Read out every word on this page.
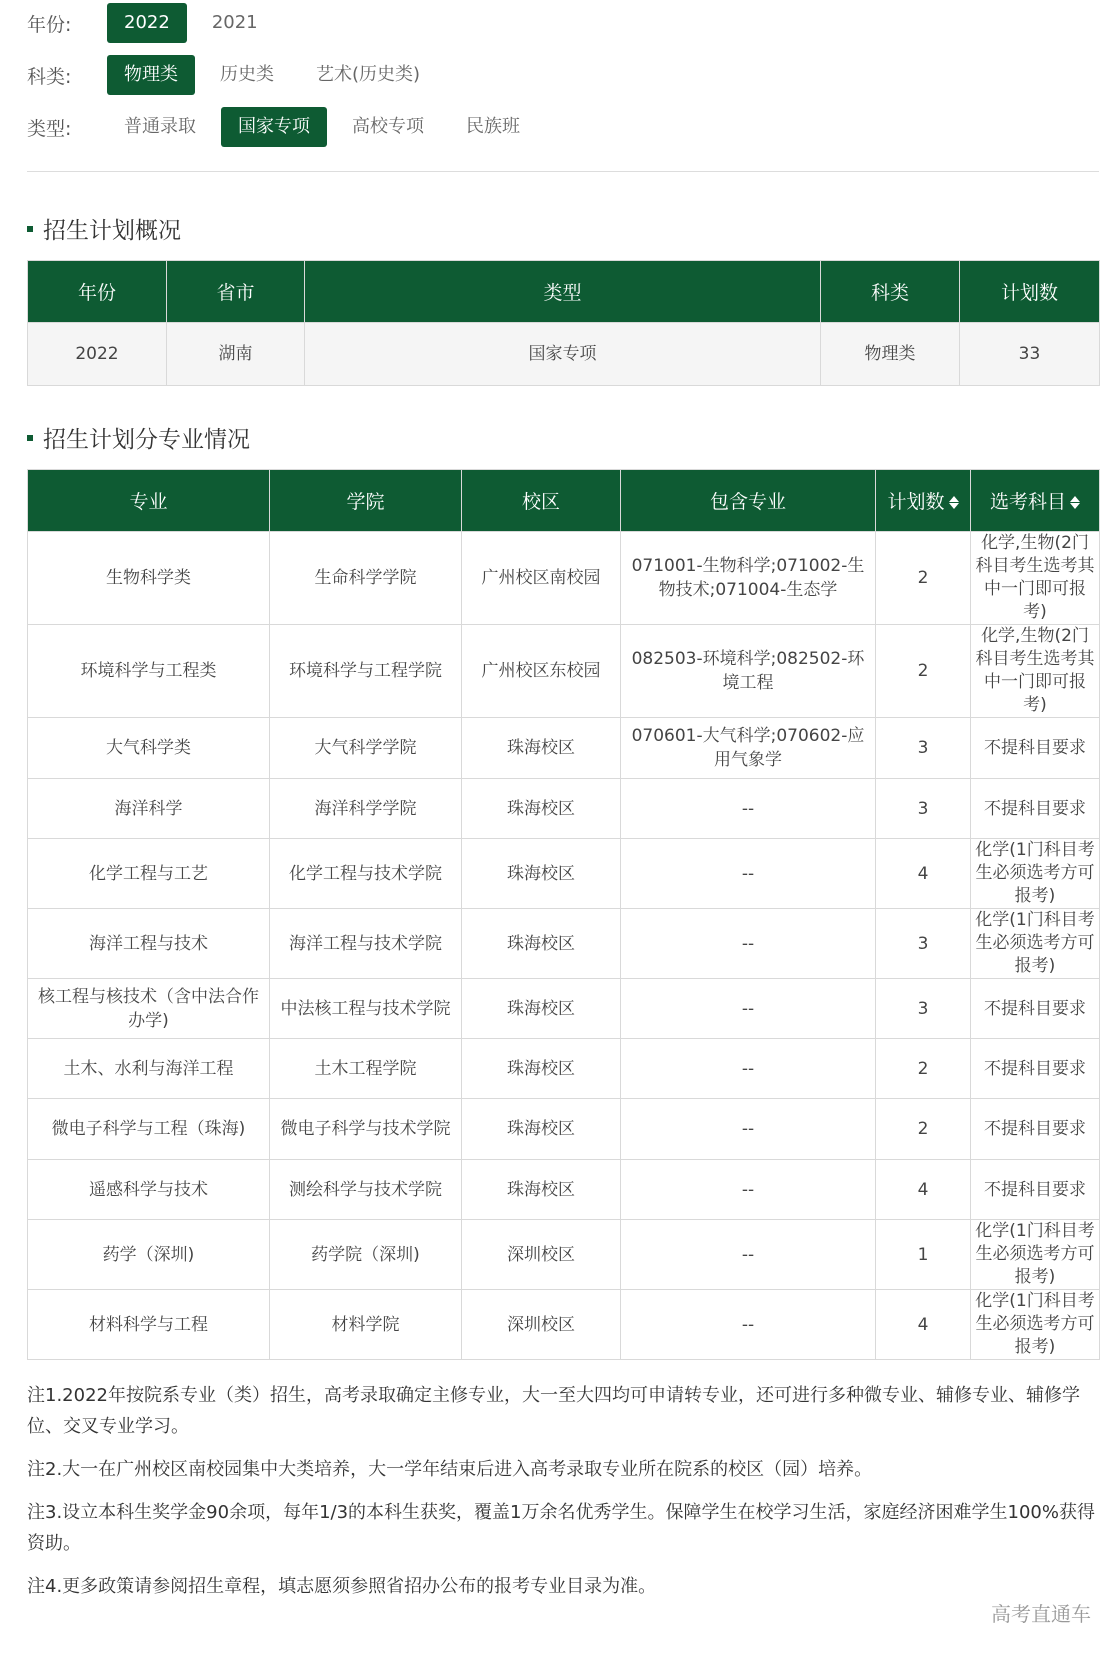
年份:	2022	2021
科类:	物理类	历史类	艺术(历史类)
类型:	普通录取	国家专项	高校专项	民族班
招生计划概况
年份	省市	类型	科类	计划数
2022	湖南	国家专项	物理类	33
招生计划分专业情况
专业	学院	校区	包含专业	计划数	选考科目

生物科学类	生命科学学院	广州校区南校园	071001-生物科学;071002-生物技术;071004-生态学	2	化学,生物(2门科目考生选考其中一门即可报考)
环境科学与工程类	环境科学与工程学院	广州校区东校园	082503-环境科学;082502-环境工程	2	化学,生物(2门科目考生选考其中一门即可报考)
大气科学类	大气科学学院	珠海校区	070601-大气科学;070602-应用气象学	3	不提科目要求
海洋科学	海洋科学学院	珠海校区	--	3	不提科目要求
化学工程与工艺	化学工程与技术学院	珠海校区	--	4	化学(1门科目考生必须选考方可报考)
海洋工程与技术	海洋工程与技术学院	珠海校区	--	3	化学(1门科目考生必须选考方可报考)
核工程与核技术（含中法合作办学)	中法核工程与技术学院	珠海校区	--	3	不提科目要求
土木、水利与海洋工程	土木工程学院	珠海校区	--	2	不提科目要求
微电子科学与工程（珠海)	微电子科学与技术学院	珠海校区	--	2	不提科目要求
遥感科学与技术	测绘科学与技术学院	珠海校区	--	4	不提科目要求
药学（深圳)	药学院（深圳)	深圳校区	--	1	化学(1门科目考生必须选考方可报考)
材料科学与工程	材料学院	深圳校区	--	4	化学(1门科目考生必须选考方可报考)

注1.2022年按院系专业（类）招生，高考录取确定主修专业，大一至大四均可申请转专业，还可进行多种微专业、辅修专业、辅修学位、交叉专业学习。

注2.大一在广州校区南校园集中大类培养，大一学年结束后进入高考录取专业所在院系的校区（园）培养。

注3.设立本科生奖学金90余项，每年1/3的本科生获奖，覆盖1万余名优秀学生。保障学生在校学习生活，家庭经济困难学生100%获得资助。

注4.更多政策请参阅招生章程，填志愿须参照省招办公布的报考专业目录为准。

高考直通车
